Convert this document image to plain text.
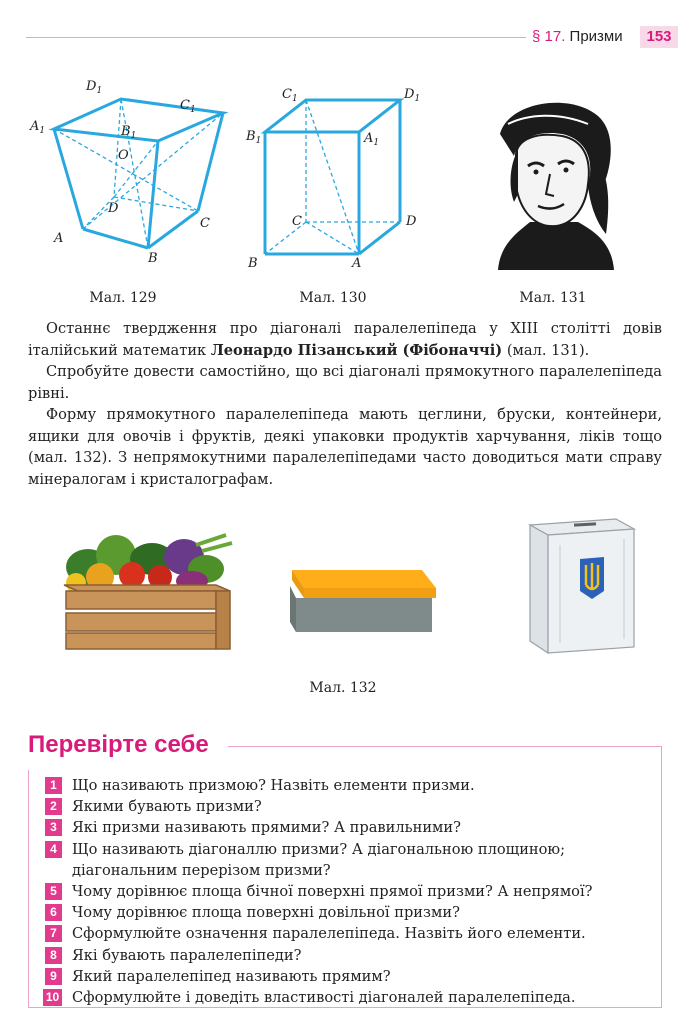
§ 17. Призми	153
$D_1$
$C_1$
$A_1$	$B_1$
O
D
A
B
C
Мал. 129
$C_1$	$D_1$
$B_1$	$A_1$
C	D
B	A
Мал. 130	Мал. 131

Останнє твердження про діагоналі паралелепіпеда у XIII столітті довів італійський математик Леонардо Пізанський (Фібоначчі) (мал. 131).

Спробуйте довести самостійно, що всі діагоналі прямокутного паралелепіпеда рівні.

Форму прямокутного паралелепіпеда мають цеглини, бруски, контейнери, ящики для овочів і фруктів, деякі упаковки продуктів харчування, ліків тощо (мал. 132). З непрямокутними паралелепіпедами часто доводиться мати справу мінералогам і кристалографам.

Мал. 132
Перевірте себе
1	Що називають призмою? Назвіть елементи призми.
2	Якими бувають призми?
3	Які призми називають прямими? А правильними?
4	Що називають діагоналлю призми? А діагональною площиною; діагональним перерізом призми?
5	Чому дорівнює площа бічної поверхні прямої призми? А непрямої?
6	Чому дорівнює площа поверхні довільної призми?
7	Сформулюйте означення паралелепіпеда. Назвіть його елементи.
8	Які бувають паралелепіпеди?
9	Який паралелепіпед називають прямим?
10 Сформулюйте і доведіть властивості діагоналей паралелепіпеда.
